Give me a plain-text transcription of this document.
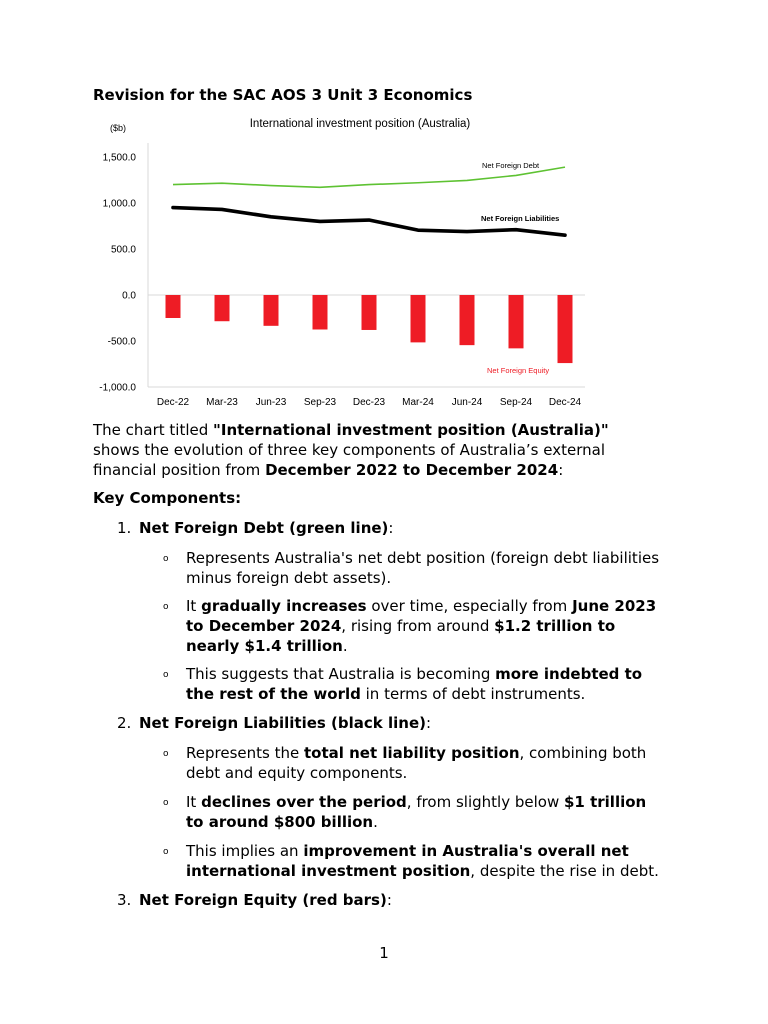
Revision for the SAC AOS 3 Unit 3 Economics
International investment position (Australia)
($b)
1,500.0
1,000.0
500.0
0.0
-500.0
-1,000.0
Dec-22 Mar-23 Jun-23 Sep-23 Dec-23 Mar-24 Jun-24 Sep-24 Dec-24
Net Foreign Debt
Net Foreign Liabilities
Net Foreign Equity
The chart titled "International investment position (Australia)" shows the evolution of three key components of Australia’s external financial position from December 2022 to December 2024:
Key Components:
1. Net Foreign Debt (green line):
o Represents Australia's net debt position (foreign debt liabilities minus foreign debt assets).
o It gradually increases over time, especially from June 2023 to December 2024, rising from around $1.2 trillion to nearly $1.4 trillion.
o This suggests that Australia is becoming more indebted to the rest of the world in terms of debt instruments.
2. Net Foreign Liabilities (black line):
o Represents the total net liability position, combining both debt and equity components.
o It declines over the period, from slightly below $1 trillion to around $800 billion.
o This implies an improvement in Australia's overall net international investment position, despite the rise in debt.
3. Net Foreign Equity (red bars):
1
